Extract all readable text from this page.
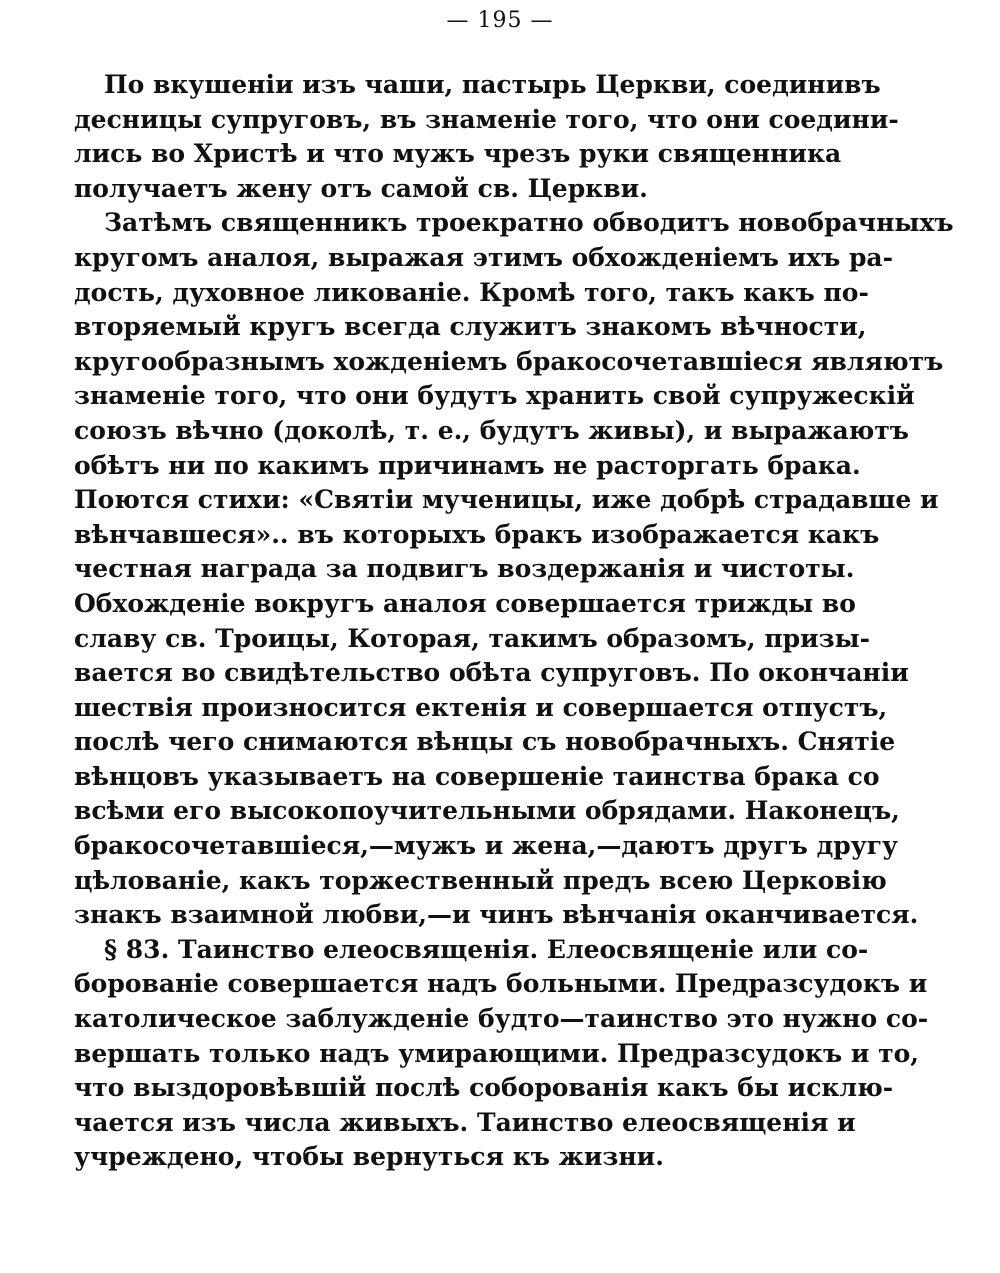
— 195 —
По вкушеніи изъ чаши, пастырь Церкви, соединивъ
десницы супруговъ, въ знаменіе того, что они соедини-
лись во Христѣ и что мужъ чрезъ руки священника
получаетъ жену отъ самой св. Церкви.
Затѣмъ священникъ троекратно обводитъ новобрачныхъ
кругомъ аналоя, выражая этимъ обхожденіемъ ихъ ра-
дость, духовное ликованіе. Кромѣ того, такъ какъ по-
вторяемый кругъ всегда служитъ знакомъ вѣчности,
кругообразнымъ хожденіемъ бракосочетавшіеся являютъ
знаменіе того, что они будутъ хранить свой супружескій
союзъ вѣчно (доколѣ, т. е., будутъ живы), и выражаютъ
обѣтъ ни по какимъ причинамъ не расторгать брака.
Поются стихи: «Святіи мученицы, иже добрѣ страдавше и
вѣнчавшеся».. въ которыхъ бракъ изображается какъ
честная награда за подвигъ воздержанія и чистоты.
Обхожденіе вокругъ аналоя совершается трижды во
славу св. Троицы, Которая, такимъ образомъ, призы-
вается во свидѣтельство обѣта супруговъ. По окончаніи
шествія произносится ектенія и совершается отпустъ,
послѣ чего снимаются вѣнцы съ новобрачныхъ. Снятіе
вѣнцовъ указываетъ на совершеніе таинства брака со
всѣми его высокопоучительными обрядами. Наконецъ,
бракосочетавшіеся,—мужъ и жена,—даютъ другъ другу
цѣлованіе, какъ торжественный предъ всею Церковію
знакъ взаимной любви,—и чинъ вѣнчанія оканчивается.
§ 83. Таинство елеосвященія. Елеосвященіе или со-
борованіе совершается надъ больными. Предразсудокъ и
католическое заблужденіе будто—таинство это нужно со-
вершать только надъ умирающими. Предразсудокъ и то,
что выздоровѣвшій послѣ соборованія какъ бы исклю-
чается изъ числа живыхъ. Таинство елеосвященія и
учреждено, чтобы вернуться къ жизни.
